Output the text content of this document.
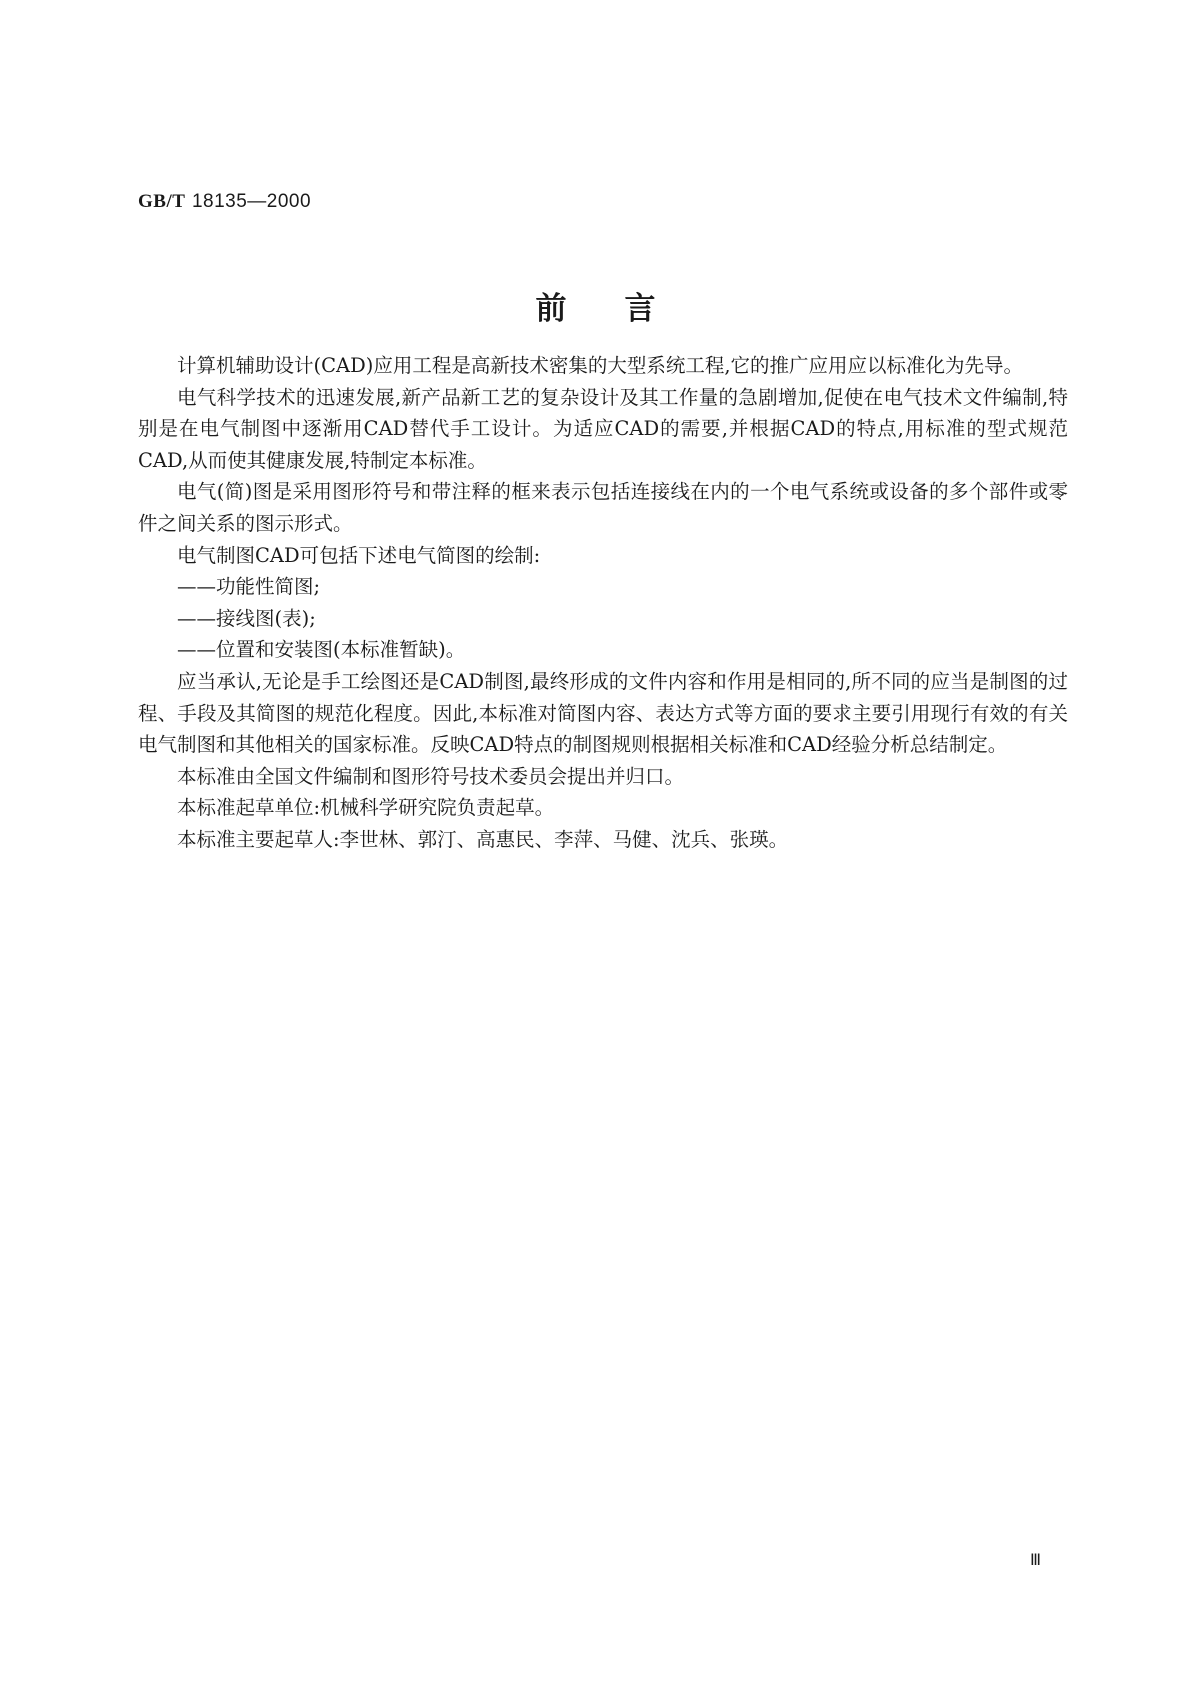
GB/T 18135—2000
前言

计算机辅助设计(CAD)应用工程是高新技术密集的大型系统工程,它的推广应用应以标准化为先导。

电气科学技术的迅速发展,新产品新工艺的复杂设计及其工作量的急剧增加,促使在电气技术文件编制,特别是在电气制图中逐渐用CAD替代手工设计。为适应CAD的需要,并根据CAD的特点,用标准的型式规范CAD,从而使其健康发展,特制定本标准。

电气(简)图是采用图形符号和带注释的框来表示包括连接线在内的一个电气系统或设备的多个部件或零件之间关系的图示形式。

电气制图CAD可包括下述电气简图的绘制:

——功能性简图;

——接线图(表);

——位置和安装图(本标准暂缺)。

应当承认,无论是手工绘图还是CAD制图,最终形成的文件内容和作用是相同的,所不同的应当是制图的过程、手段及其简图的规范化程度。因此,本标准对简图内容、表达方式等方面的要求主要引用现行有效的有关电气制图和其他相关的国家标准。反映CAD特点的制图规则根据相关标准和CAD经验分析总结制定。

本标准由全国文件编制和图形符号技术委员会提出并归口。

本标准起草单位:机械科学研究院负责起草。

本标准主要起草人:李世林、郭汀、高惠民、李萍、马健、沈兵、张瑛。

Ⅲ
